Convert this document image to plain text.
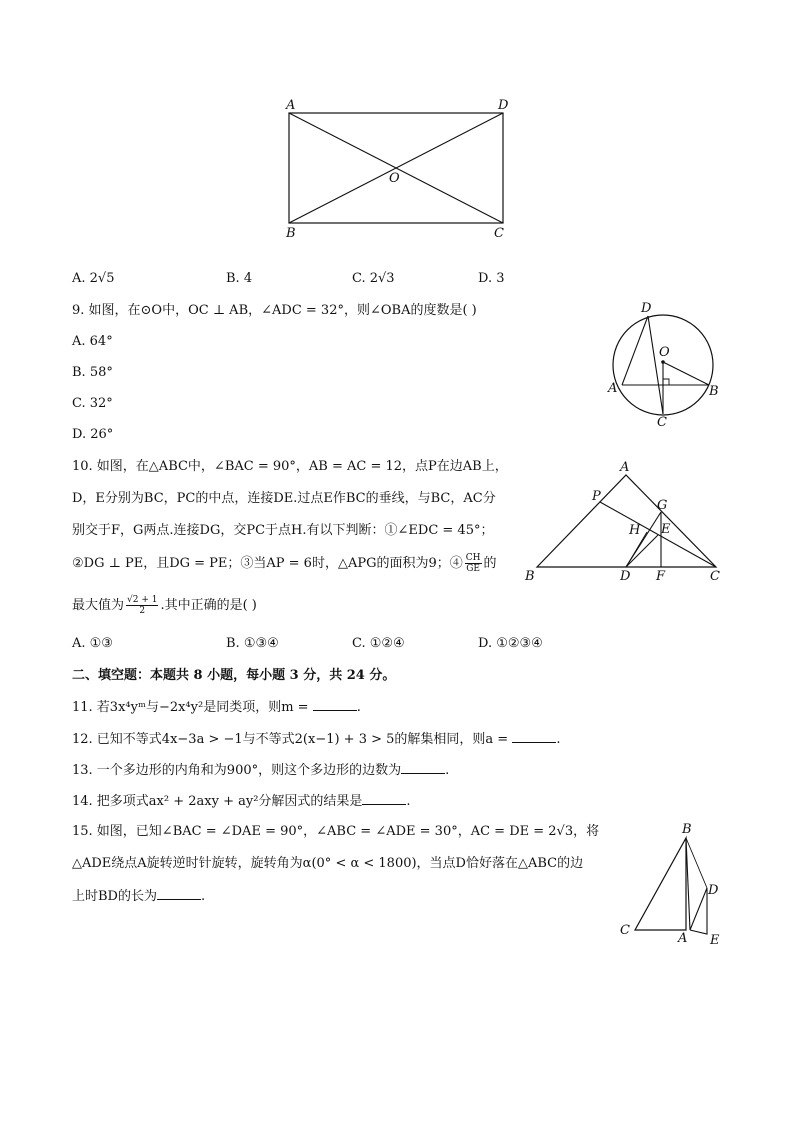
A	D
O
B	C
A. 2√5	B. 4	C. 2√3	D. 3
9. 如图，在⊙O中，OC ⊥ AB，∠ADC = 32°，则∠OBA的度数是( )
A. 64°
B. 58°
C. 32°
D. 26°
D
O
A	B
C
10. 如图，在△ABC中，∠BAC = 90°，AB = AC = 12，点P在边AB上，
D，E分别为BC，PC的中点，连接DE.过点E作BC的垂线，与BC，AC分
别交于F，G两点.连接DG，交PC于点H.有以下判断：①∠EDC = 45°；
②DG ⊥ PE，且DG = PE；③当AP = 6时，△APG的面积为9；④ $\frac{CH}{GE}$ 的
最大值为 $\frac{√2 + 1}{2}$ .其中正确的是( )
A. ①③	B. ①③④	C. ①②④	D. ①②③④
A
P
G
H E
B	D F	C
二、填空题：本题共 8 小题，每小题 3 分，共 24 分。
11. 若3x⁴yᵐ与−2x⁴y²是同类项，则m =	.
12. 已知不等式4x−3a > −1与不等式2(x−1) + 3 > 5的解集相同，则a =	.
13. 一个多边形的内角和为900°，则这个多边形的边数为	.
14. 把多项式ax² + 2axy + ay²分解因式的结果是	.
15. 如图，已知∠BAC = ∠DAE = 90°，∠ABC = ∠ADE = 30°，AC = DE = 2√3，将
△ADE绕点A旋转逆时针旋转，旋转角为α(0° < α < 1800)，当点D恰好落在△ABC的边
上时BD的长为	.
B
D
C
A E
